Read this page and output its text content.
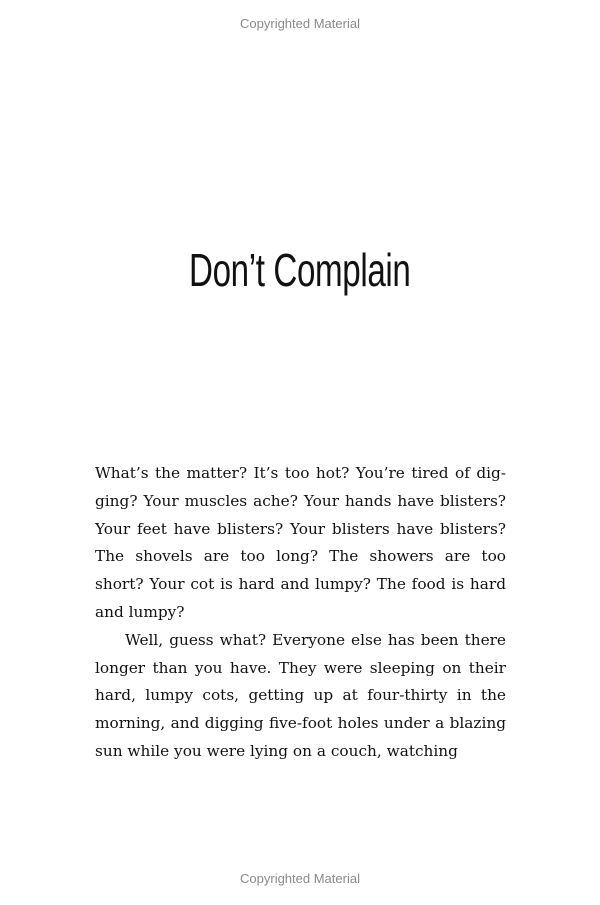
Copyrighted Material
Don’t Complain

What’s the matter? It’s too hot? You’re tired of digging? Your muscles ache? Your hands have blisters? Your feet have blisters? Your blisters have blisters? The shovels are too long? The showers are too short? Your cot is hard and lumpy? The food is hard and lumpy?

Well, guess what? Everyone else has been there longer than you have. They were sleeping on their hard, lumpy cots, getting up at four-thirty in the morning, and digging five-foot holes under a blazing sun while you were lying on a couch, watching

Copyrighted Material
